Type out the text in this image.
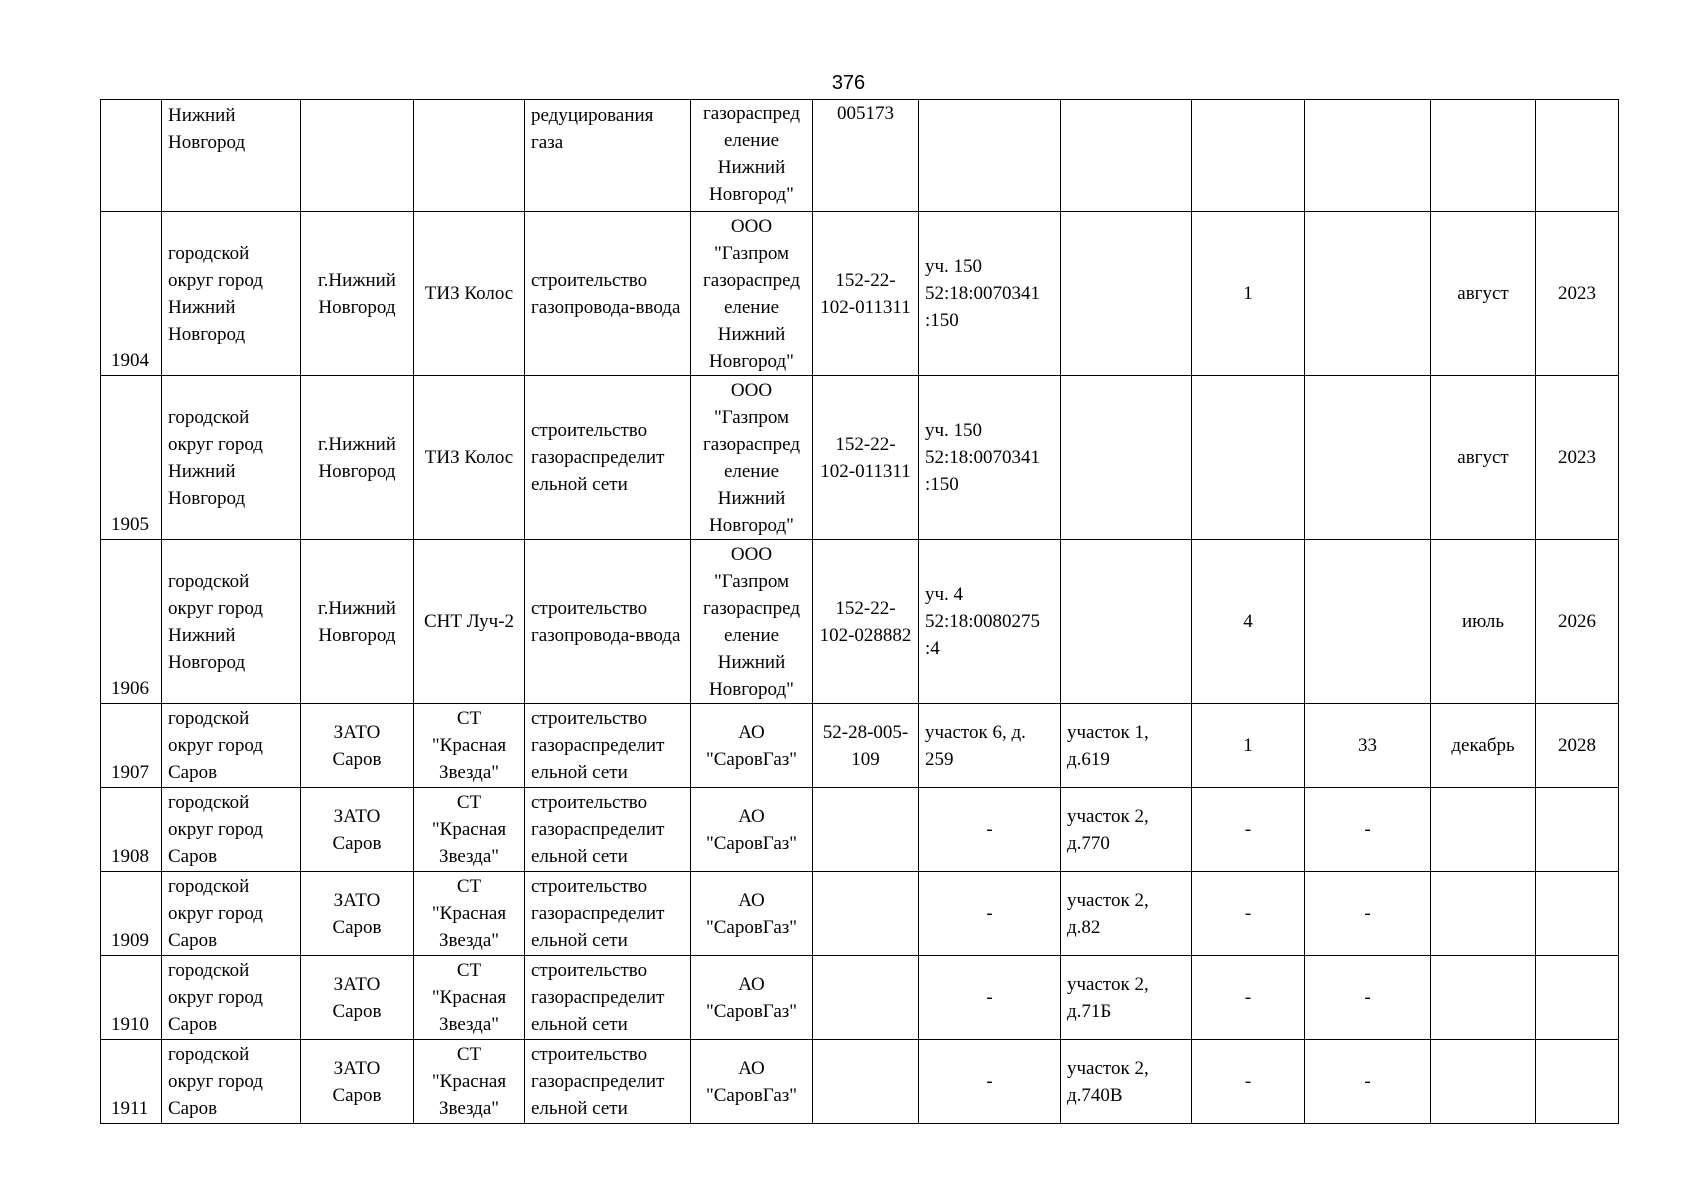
376
	Нижний Новгород			редуцирования газа	газораспред еление Нижний Новгород"	005173						
1904	городской округ город Нижний Новгород	г.Нижний Новгород	ТИЗ Колос	строительство газопровода-ввода	ООО "Газпром газораспред еление Нижний Новгород"	152-22-102-011311	уч. 150 52:18:0070341 :150		1		август	2023
1905	городской округ город Нижний Новгород	г.Нижний Новгород	ТИЗ Колос	строительство газораспределит ельной сети	ООО "Газпром газораспред еление Нижний Новгород"	152-22-102-011311	уч. 150 52:18:0070341 :150				август	2023
1906	городской округ город Нижний Новгород	г.Нижний Новгород	СНТ Луч-2	строительство газопровода-ввода	ООО "Газпром газораспред еление Нижний Новгород"	152-22-102-028882	уч. 4 52:18:0080275 :4		4		июль	2026
1907	городской округ город Саров	ЗАТО Саров	СТ "Красная Звезда"	строительство газораспределит ельной сети	АО "СаровГаз"	52-28-005-109	участок 6, д. 259	участок 1, д.619	1	33	декабрь	2028
1908	городской округ город Саров	ЗАТО Саров	СТ "Красная Звезда"	строительство газораспределит ельной сети	АО "СаровГаз"		-	участок 2, д.770	-	-		
1909	городской округ город Саров	ЗАТО Саров	СТ "Красная Звезда"	строительство газораспределит ельной сети	АО "СаровГаз"		-	участок 2, д.82	-	-		
1910	городской округ город Саров	ЗАТО Саров	СТ "Красная Звезда"	строительство газораспределит ельной сети	АО "СаровГаз"		-	участок 2, д.71Б	-	-		
1911	городской округ город Саров	ЗАТО Саров	СТ "Красная Звезда"	строительство газораспределит ельной сети	АО "СаровГаз"		-	участок 2, д.740В	-	-		
